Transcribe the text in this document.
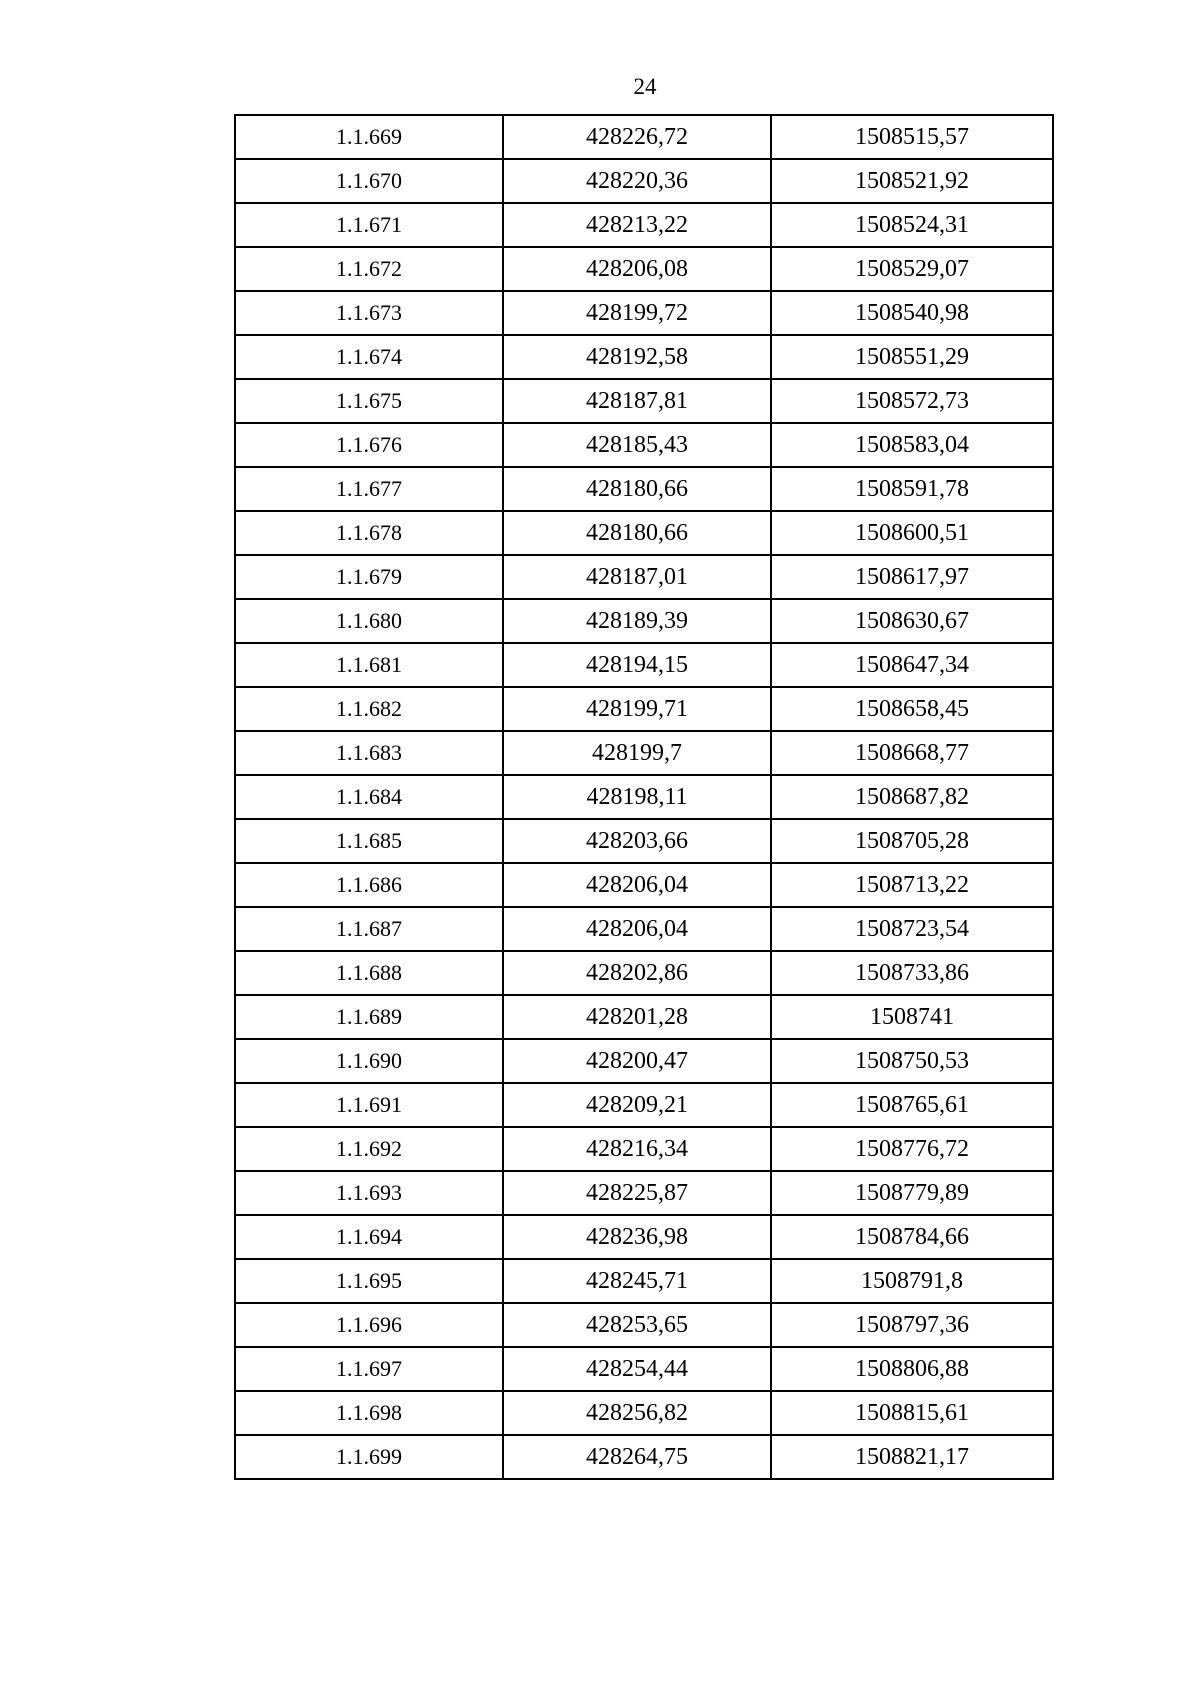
24
1.1.669	428226,72	1508515,57
1.1.670	428220,36	1508521,92
1.1.671	428213,22	1508524,31
1.1.672	428206,08	1508529,07
1.1.673	428199,72	1508540,98
1.1.674	428192,58	1508551,29
1.1.675	428187,81	1508572,73
1.1.676	428185,43	1508583,04
1.1.677	428180,66	1508591,78
1.1.678	428180,66	1508600,51
1.1.679	428187,01	1508617,97
1.1.680	428189,39	1508630,67
1.1.681	428194,15	1508647,34
1.1.682	428199,71	1508658,45
1.1.683	428199,7	1508668,77
1.1.684	428198,11	1508687,82
1.1.685	428203,66	1508705,28
1.1.686	428206,04	1508713,22
1.1.687	428206,04	1508723,54
1.1.688	428202,86	1508733,86
1.1.689	428201,28	1508741
1.1.690	428200,47	1508750,53
1.1.691	428209,21	1508765,61
1.1.692	428216,34	1508776,72
1.1.693	428225,87	1508779,89
1.1.694	428236,98	1508784,66
1.1.695	428245,71	1508791,8
1.1.696	428253,65	1508797,36
1.1.697	428254,44	1508806,88
1.1.698	428256,82	1508815,61
1.1.699	428264,75	1508821,17
